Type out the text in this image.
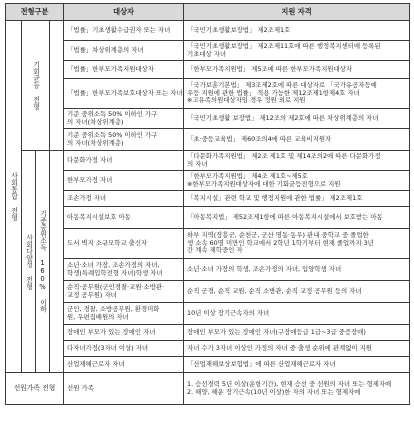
전형구분				대상자	지원 자격

사회통합 전형	기회균등 전형			「법률」기초생활수급권자 또는 자녀	「국민기초생활보장법」 제2조제1호

				「법률」차상위계층의 자녀	「국민기초생활보장법」 제2조제11호에 따른 행정복지센터에 등록된
기초대상 자녀

				「법률」한부모가족지원대상자	「한부모가족지원법」 제5조에 따른 한부모가족지원대상자

				「법률」한부모가족보호대상자 또는 자녀	「국가보훈기본법」 제3조제2호에 따른 대상자로 「국가유공자등예
우등 지원에 관한 법률」 적용 가능한 제12조제1항제4호 자녀
※고유족의원대상자임 경우 정원 외로 지원

				기준 중위소득 50% 이하인 가구
의 자녀(차상위계층)	「국민기초생활 보장법」 제12조의 제2호에 따른 차상위계층의 자녀

				기준 중위소득 50% 이하인 가구
의 자녀(차상위계층)	「초·중등교육법」 제60조의4에 따른 교육비지원자

	사회다양성 전형	기준중위소득 160% 이하		다문화가정 자녀	「다문화가족지원법」 제2조 제1호 및 제14조의2에 따른 다문화가정
의 자녀

				한부모가정 자녀	「한부모가족지원법」 제4조 제1호~제5호
※한부모가족지원대상자에 대한 기회균등전형으로 지원

				조손가정 자녀	「복지시설」관련 학교 및 행정지원에 관한 법률」 제2조제1호

				아동복지시설보호 아동	「아동복지법」 제52조제1항에 따른 아동복지시설에서 보호받는 아동

				도서 벽지 소규모학교 출신자	하부 지역(장흥군, 순천군, 군산 명동·동우) 관내 중학교 중 졸업한
생 소속 60명 미만인 학교에서 2학년 1학기부터 현재 졸업까지 3년
간 계속 재학중인 자

				소년·소녀 가장, 조손가정의 자녀,
학생(특례입학전형 자녀)학생 자녀	소년·소녀 가장의 학생, 조손가정의 자녀, 입양학생 자녀

				순직·공무원(군인경찰·교원·소방관·
교정 공무원) 자녀	순직 군경, 순직 교원, 순직 소방관, 순직 교정 공무원 등의 자녀

				군인, 경찰, 소방공무원, 환경미화
원, 우편집배원의 자녀	10년 이상 장기근속자의 자녀

				장애인 부모가 있는 장애인 자녀	장애인 부모가 있는 장애인 자녀(구장애등급 1급~3급 중증장애)

				다자녀가정(3자녀 이상) 자녀	자녀 수가 3자녀 이상인 가정의 자녀 중 출생 순위에 관계없이 지원

				산업재해근로자 자녀	「산업재해보상보험법」에 따른 산업재해근로자 자녀

선원가족 전형				선원 가족	1. 승선경력 5년 이상(운항기간), 현재 승선 중 선원의 자녀 또는 형제자매
2. 해양, 해운 장기근속(10년 이상)한 자의 자녀 또는 형제자매
